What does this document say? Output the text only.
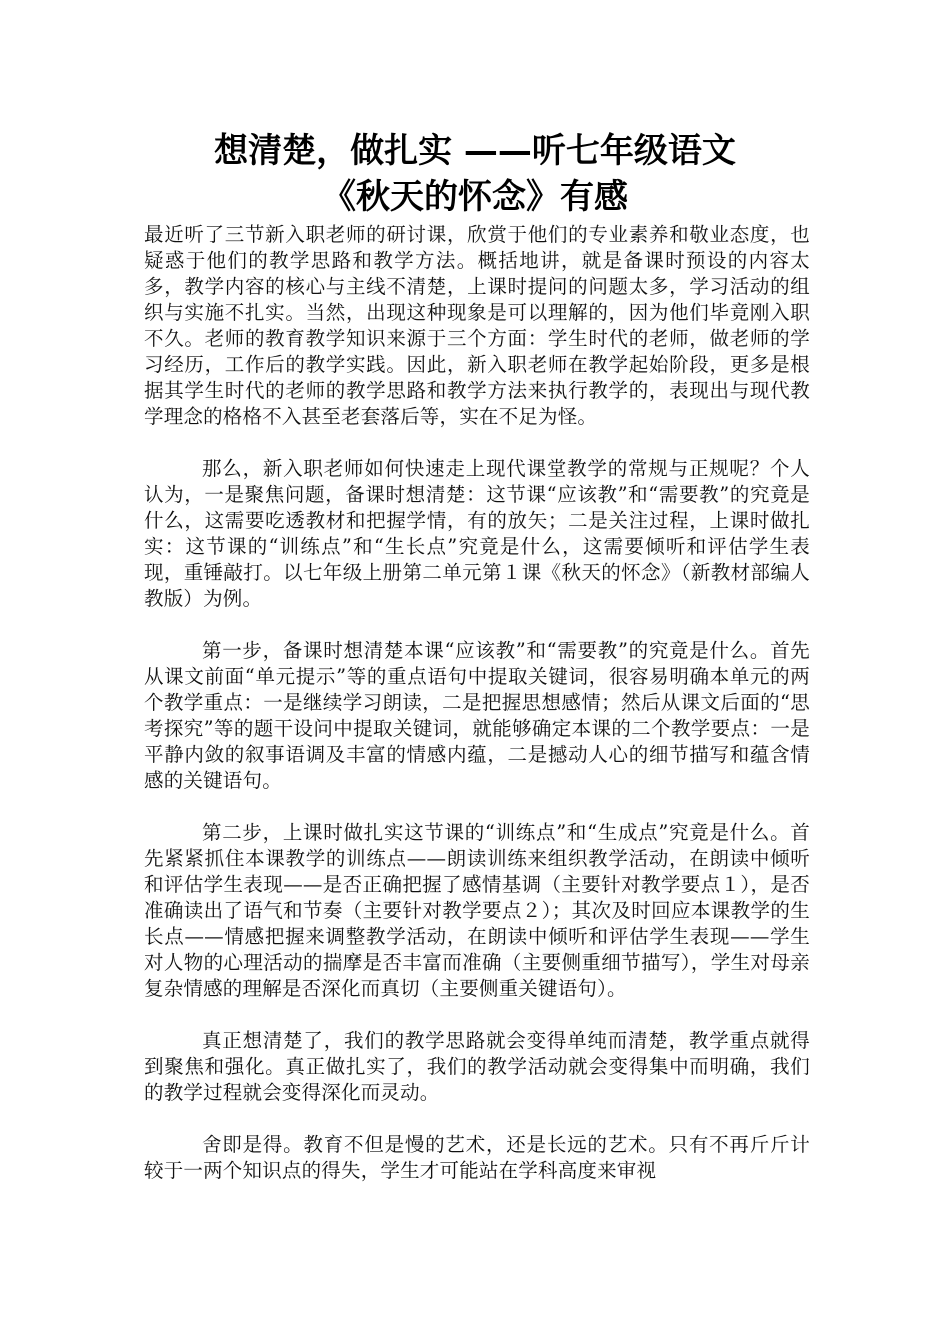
想清楚，做扎实 ——听七年级语文
《秋天的怀念》有感

最近听了三节新入职老师的研讨课，欣赏于他们的专业素养和敬业态度，也疑惑于他们的教学思路和教学方法。概括地讲，就是备课时预设的内容太多，教学内容的核心与主线不清楚，上课时提问的问题太多，学习活动的组织与实施不扎实。当然，出现这种现象是可以理解的，因为他们毕竟刚入职不久。老师的教育教学知识来源于三个方面：学生时代的老师，做老师的学习经历，工作后的教学实践。因此，新入职老师在教学起始阶段，更多是根据其学生时代的老师的教学思路和教学方法来执行教学的，表现出与现代教学理念的格格不入甚至老套落后等，实在不足为怪。

那么，新入职老师如何快速走上现代课堂教学的常规与正规呢？个人认为，一是聚焦问题，备课时想清楚：这节课“应该教”和“需要教”的究竟是什么，这需要吃透教材和把握学情，有的放矢；二是关注过程，上课时做扎实：这节课的“训练点”和“生长点”究竟是什么，这需要倾听和评估学生表现，重锤敲打。以七年级上册第二单元第１课《秋天的怀念》（新教材部编人教版）为例。

第一步，备课时想清楚本课“应该教”和“需要教”的究竟是什么。首先从课文前面“单元提示”等的重点语句中提取关键词，很容易明确本单元的两个教学重点：一是继续学习朗读，二是把握思想感情；然后从课文后面的“思考探究”等的题干设问中提取关键词，就能够确定本课的二个教学要点：一是平静内敛的叙事语调及丰富的情感内蕴，二是撼动人心的细节描写和蕴含情感的关键语句。

第二步，上课时做扎实这节课的“训练点”和“生成点”究竟是什么。首先紧紧抓住本课教学的训练点——朗读训练来组织教学活动，在朗读中倾听和评估学生表现——是否正确把握了感情基调（主要针对教学要点１），是否准确读出了语气和节奏（主要针对教学要点２）；其次及时回应本课教学的生长点——情感把握来调整教学活动，在朗读中倾听和评估学生表现——学生对人物的心理活动的揣摩是否丰富而准确（主要侧重细节描写），学生对母亲复杂情感的理解是否深化而真切（主要侧重关键语句）。

真正想清楚了，我们的教学思路就会变得单纯而清楚，教学重点就得到聚焦和强化。真正做扎实了，我们的教学活动就会变得集中而明确，我们的教学过程就会变得深化而灵动。

舍即是得。教育不但是慢的艺术，还是长远的艺术。只有不再斤斤计较于一两个知识点的得失，学生才可能站在学科高度来审视
